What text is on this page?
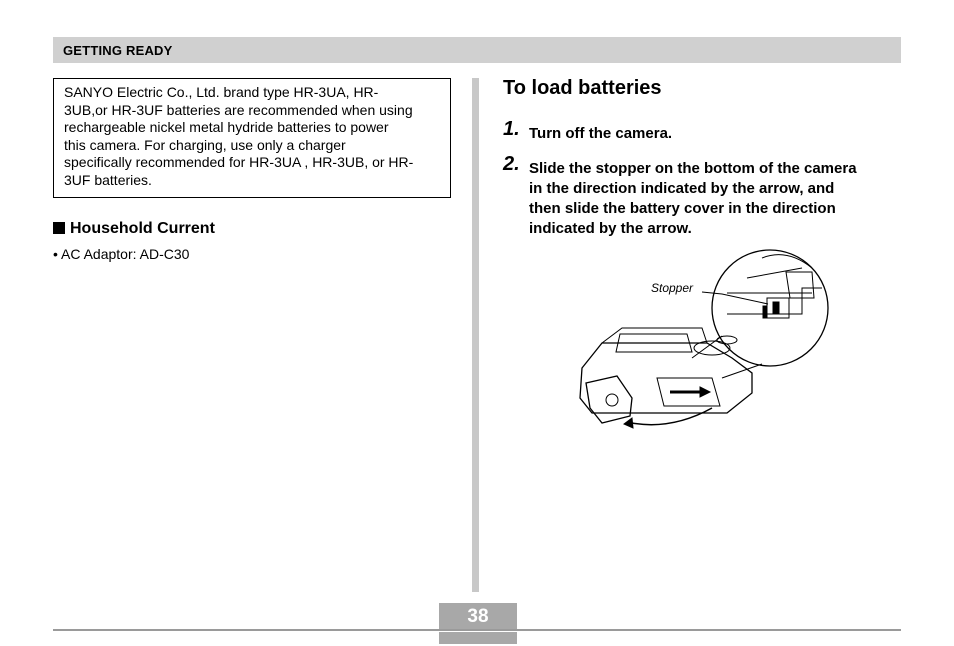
GETTING READY
SANYO Electric Co., Ltd. brand type HR-3UA, HR-
3UB,or HR-3UF batteries are recommended when using
rechargeable nickel metal hydride batteries to power
this camera. For charging, use only a charger
specifically recommended for HR-3UA , HR-3UB, or HR-
3UF batteries.
Household Current
• AC Adaptor: AD-C30
To load batteries
1. Turn off the camera.
2. Slide the stopper on the bottom of the camera
in the direction indicated by the arrow, and
then slide the battery cover in the direction
indicated by the arrow.
Stopper
38
